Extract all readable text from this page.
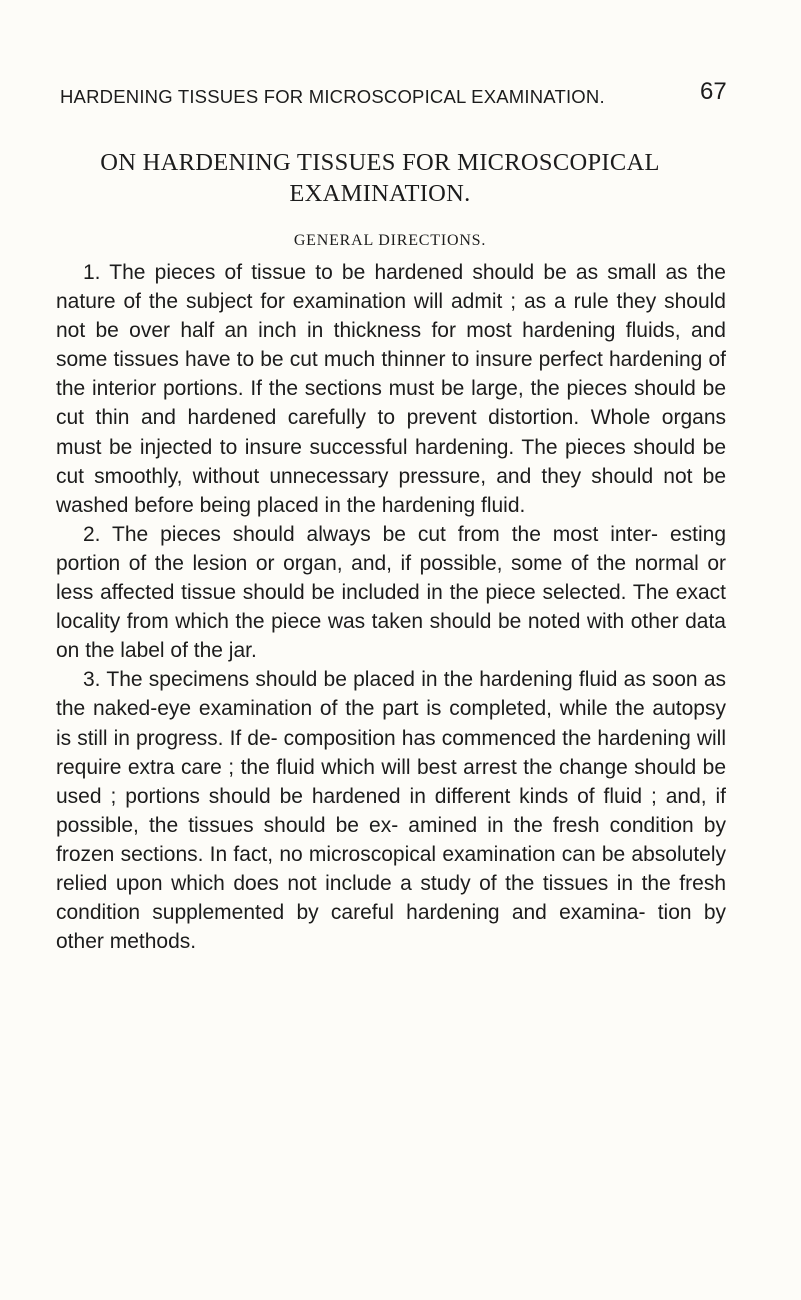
HARDENING TISSUES FOR MICROSCOPICAL EXAMINATION.	67
ON HARDENING TISSUES FOR MICROSCOPICAL EXAMINATION.
GENERAL DIRECTIONS.

1. The pieces of tissue to be hardened should be as small as the nature of the subject for examination will admit ; as a rule they should not be over half an inch in thickness for most hardening fluids, and some tissues have to be cut much thinner to insure perfect hardening of the interior portions. If the sections must be large, the pieces should be cut thin and hardened carefully to prevent distortion. Whole organs must be injected to insure successful hardening. The pieces should be cut smoothly, without unnecessary pressure, and they should not be washed before being placed in the hardening fluid.

2. The pieces should always be cut from the most inter- esting portion of the lesion or organ, and, if possible, some of the normal or less affected tissue should be included in the piece selected. The exact locality from which the piece was taken should be noted with other data on the label of the jar.

3. The specimens should be placed in the hardening fluid as soon as the naked-eye examination of the part is completed, while the autopsy is still in progress. If de- composition has commenced the hardening will require extra care ; the fluid which will best arrest the change should be used ; portions should be hardened in different kinds of fluid ; and, if possible, the tissues should be ex- amined in the fresh condition by frozen sections. In fact, no microscopical examination can be absolutely relied upon which does not include a study of the tissues in the fresh condition supplemented by careful hardening and examina- tion by other methods.
